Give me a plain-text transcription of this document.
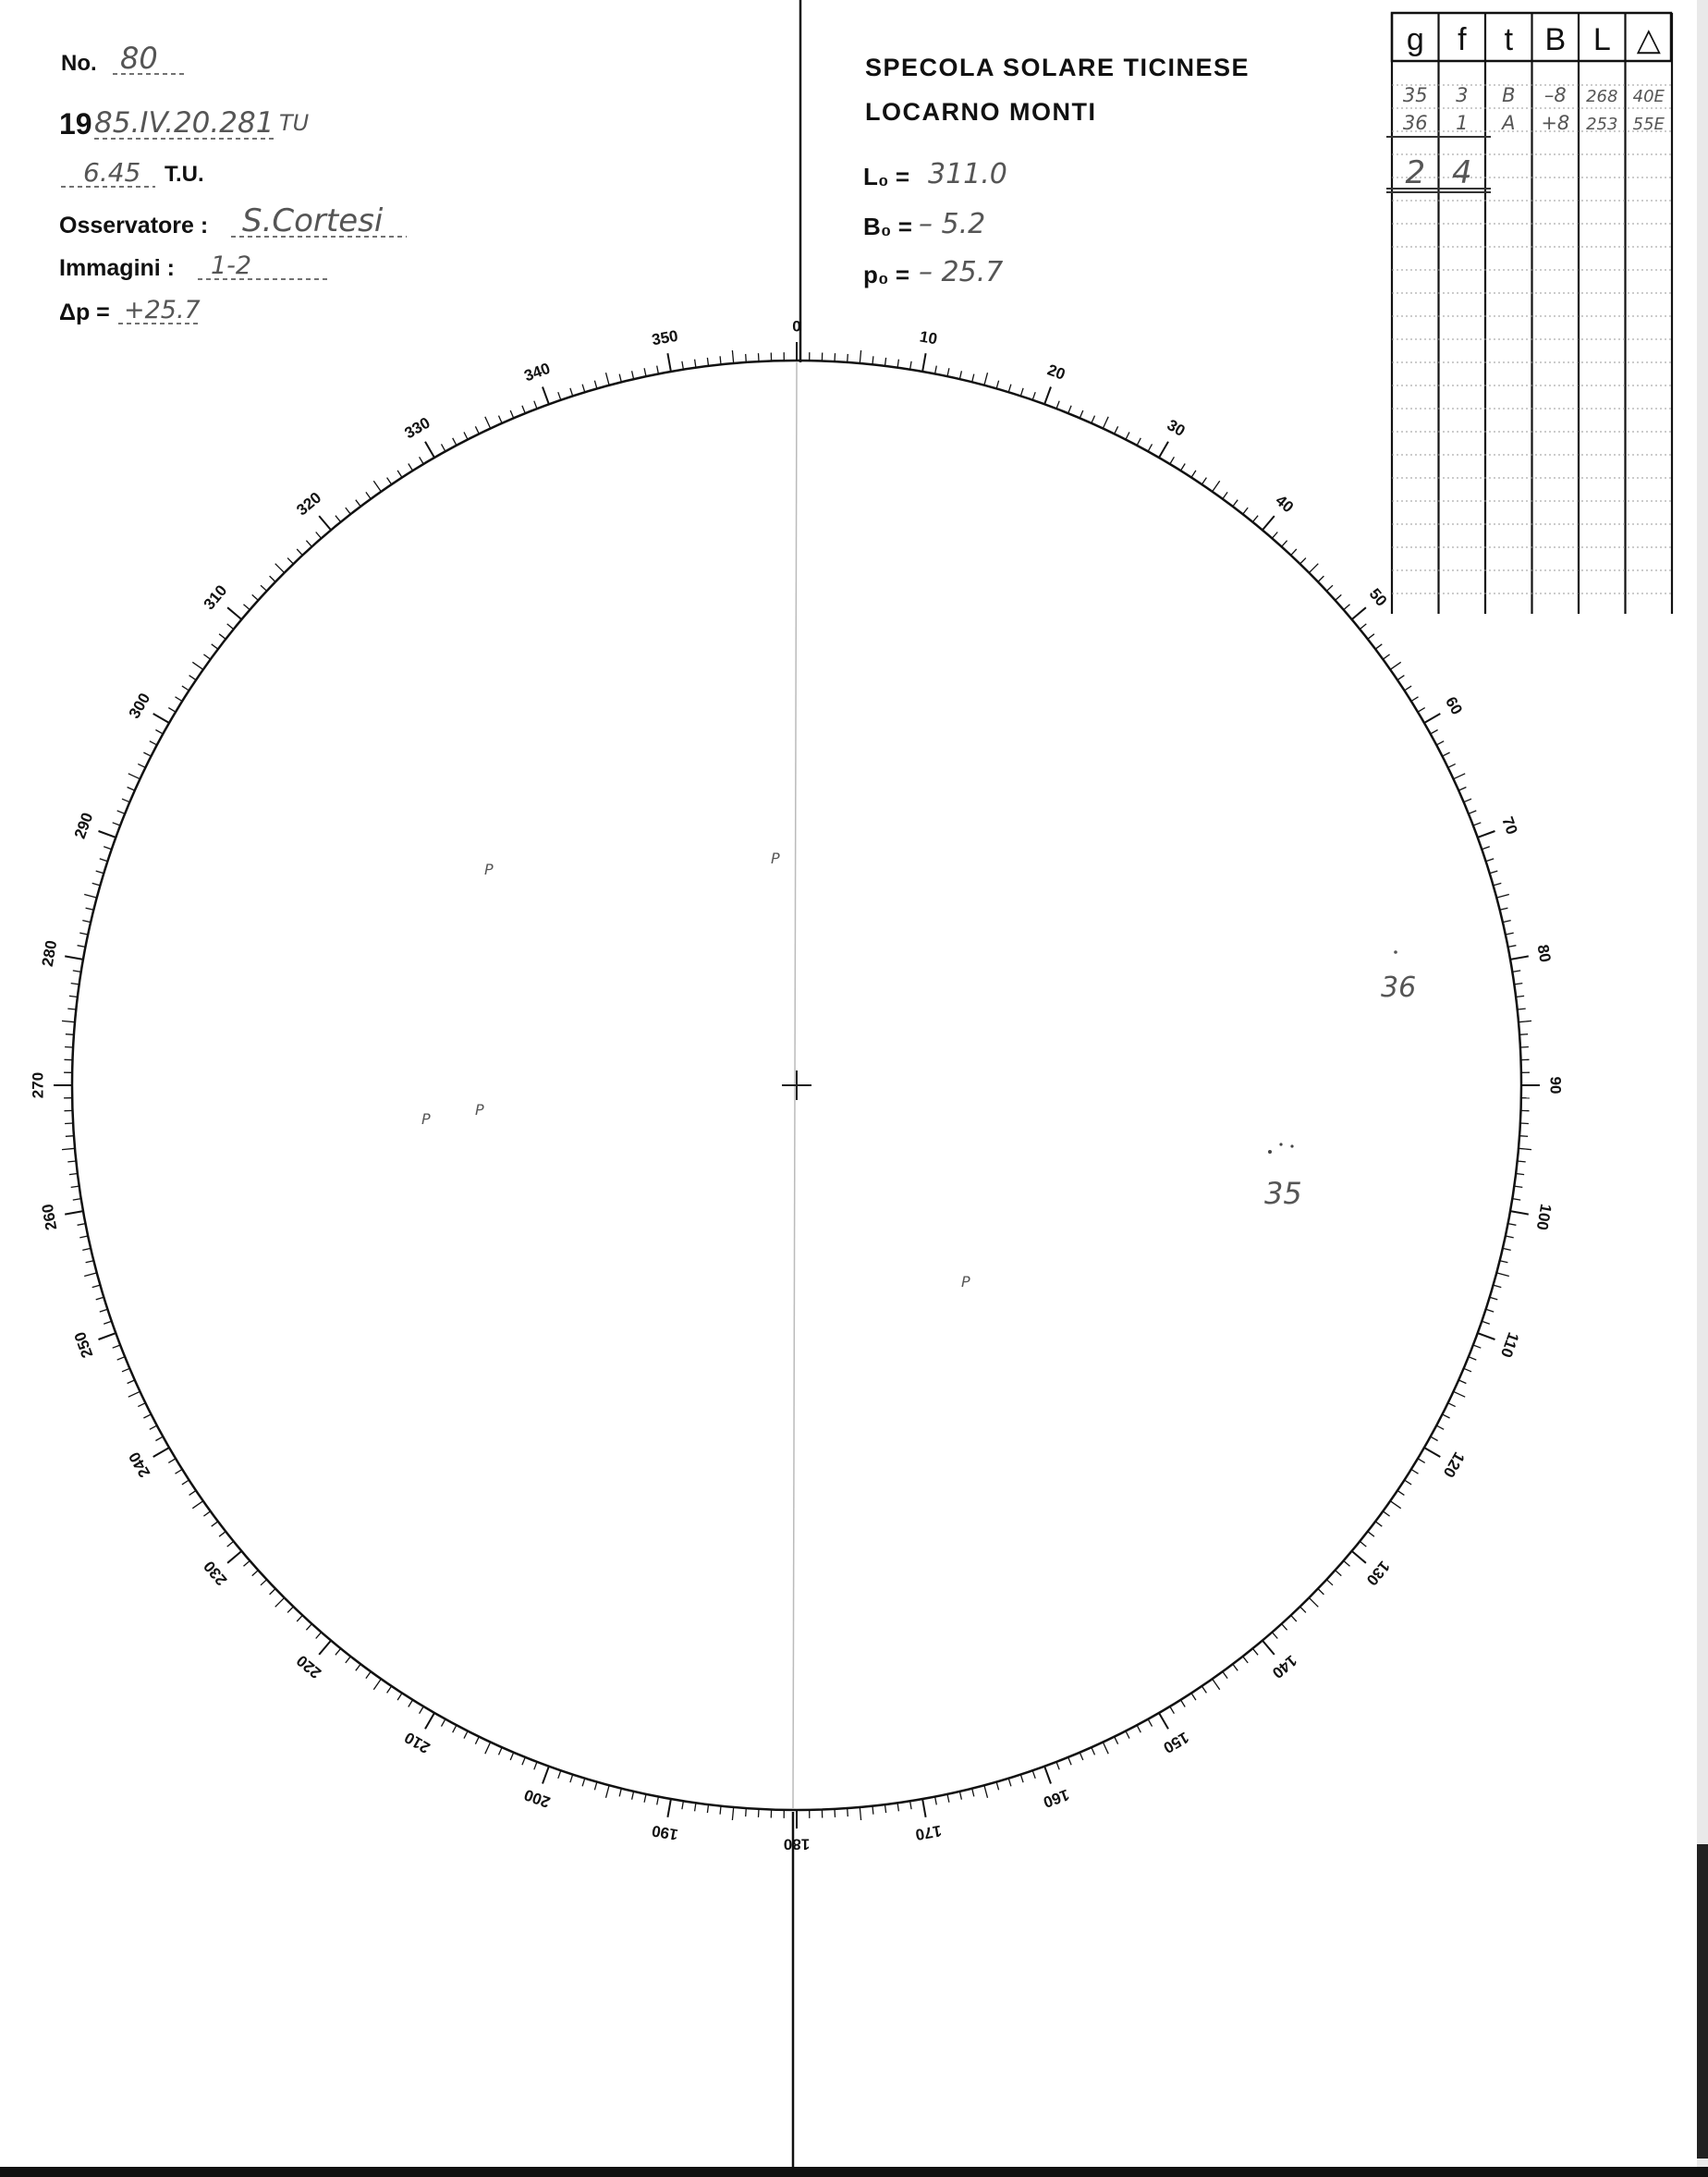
No. 80
19 85.IV.20.281 TU
6.45 T.U.
Osservatore : S.Cortesi
Immagini : 1-2
Δp = +25.7
SPECOLA SOLARE TICINESE
LOCARNO MONTI
L₀ = 311.0
B₀ = – 5.2
p₀ = – 25.7
g f t B L △
35 3 B –8 268 40E
36 1 A +8 253 55E
2 4
0
10
20
30
40
50
60
70
80
90
100
110
120
130
140
150
160
170
180
190
200
210
220
230
240
250
260
270
280
290
300
310
320
330
340
350
36
35
P
P
P
P
P
